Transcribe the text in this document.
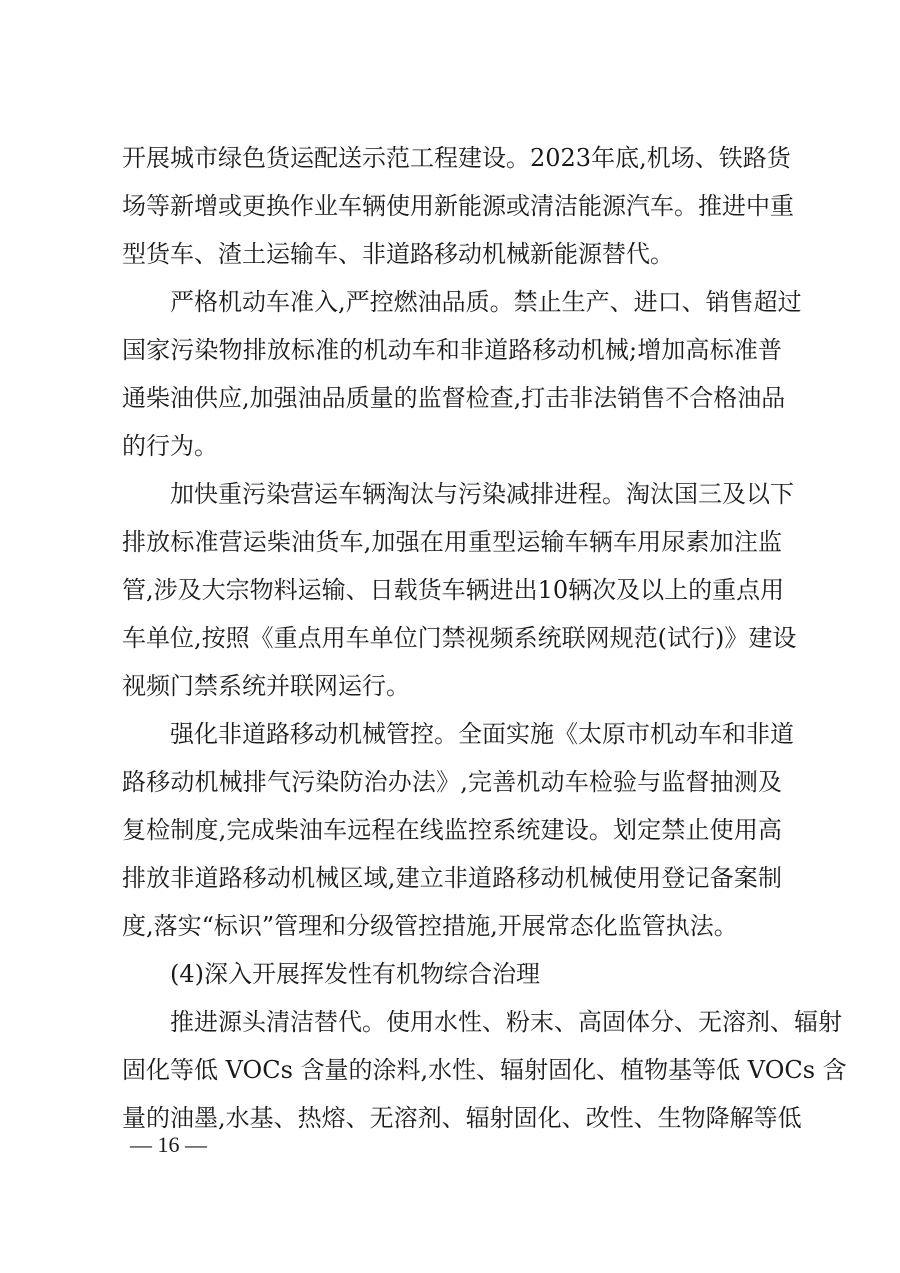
开展城市绿色货运配送示范工程建设。2023年底,机场、铁路货
场等新增或更换作业车辆使用新能源或清洁能源汽车。推进中重
型货车、渣土运输车、非道路移动机械新能源替代。
严格机动车准入,严控燃油品质。禁止生产、进口、销售超过
国家污染物排放标准的机动车和非道路移动机械;增加高标准普
通柴油供应,加强油品质量的监督检查,打击非法销售不合格油品
的行为。
加快重污染营运车辆淘汰与污染减排进程。淘汰国三及以下
排放标准营运柴油货车,加强在用重型运输车辆车用尿素加注监
管,涉及大宗物料运输、日载货车辆进出10辆次及以上的重点用
车单位,按照《重点用车单位门禁视频系统联网规范(试行)》建设
视频门禁系统并联网运行。
强化非道路移动机械管控。全面实施《太原市机动车和非道
路移动机械排气污染防治办法》,完善机动车检验与监督抽测及
复检制度,完成柴油车远程在线监控系统建设。划定禁止使用高
排放非道路移动机械区域,建立非道路移动机械使用登记备案制
度,落实“标识”管理和分级管控措施,开展常态化监管执法。
(4)深入开展挥发性有机物综合治理
推进源头清洁替代。使用水性、粉末、高固体分、无溶剂、辐射
固化等低 VOCs 含量的涂料,水性、辐射固化、植物基等低 VOCs 含
量的油墨,水基、热熔、无溶剂、辐射固化、改性、生物降解等低
— 16 —
